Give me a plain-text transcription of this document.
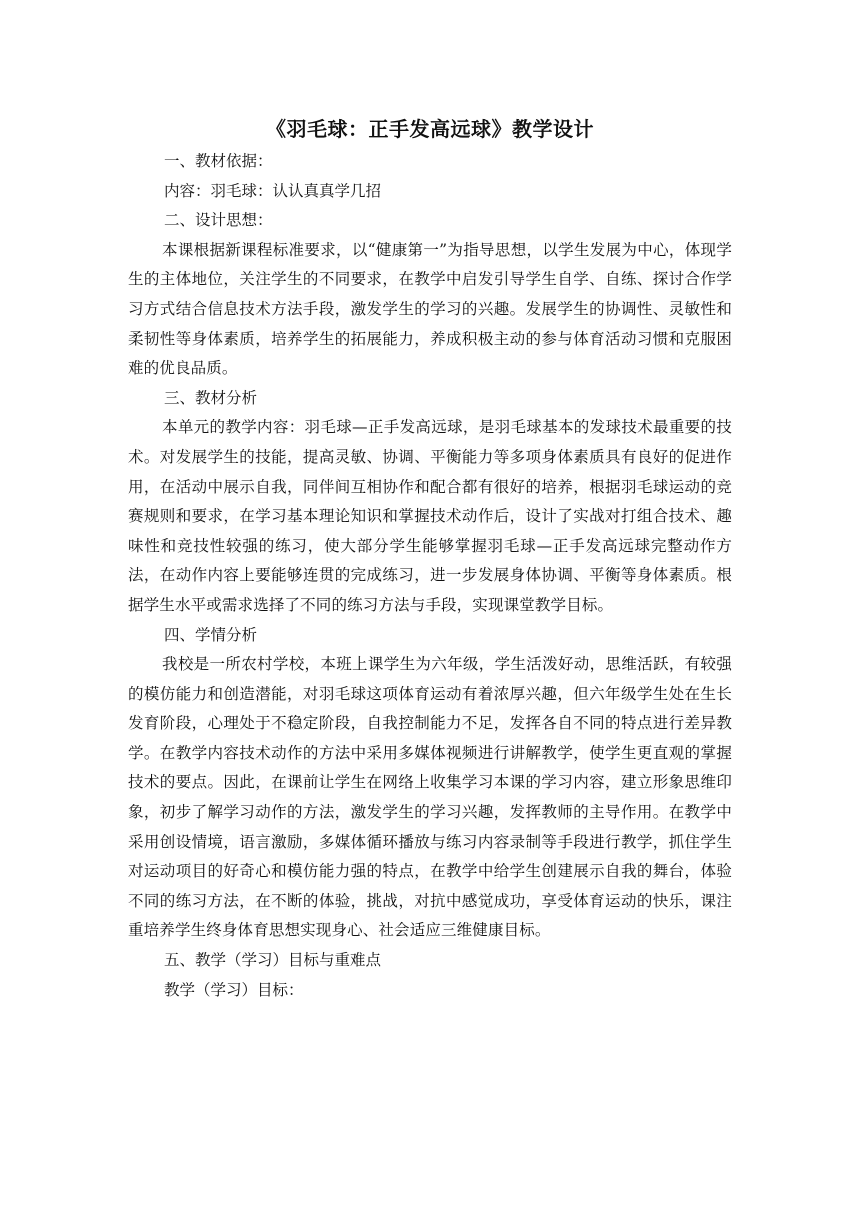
《羽毛球：正手发高远球》教学设计

一、教材依据：

内容：羽毛球：认认真真学几招

二、设计思想：

本课根据新课程标准要求，以“健康第一”为指导思想，以学生发展为中心，体现学生的主体地位，关注学生的不同要求，在教学中启发引导学生自学、自练、探讨合作学习方式结合信息技术方法手段，激发学生的学习的兴趣。发展学生的协调性、灵敏性和柔韧性等身体素质，培养学生的拓展能力，养成积极主动的参与体育活动习惯和克服困难的优良品质。

三、教材分析

本单元的教学内容：羽毛球—正手发高远球，是羽毛球基本的发球技术最重要的技术。对发展学生的技能，提高灵敏、协调、平衡能力等多项身体素质具有良好的促进作用，在活动中展示自我，同伴间互相协作和配合都有很好的培养，根据羽毛球运动的竞赛规则和要求，在学习基本理论知识和掌握技术动作后，设计了实战对打组合技术、趣味性和竞技性较强的练习，使大部分学生能够掌握羽毛球—正手发高远球完整动作方法，在动作内容上要能够连贯的完成练习，进一步发展身体协调、平衡等身体素质。根据学生水平或需求选择了不同的练习方法与手段，实现课堂教学目标。

四、学情分析

我校是一所农村学校，本班上课学生为六年级，学生活泼好动，思维活跃，有较强的模仿能力和创造潜能，对羽毛球这项体育运动有着浓厚兴趣，但六年级学生处在生长发育阶段，心理处于不稳定阶段，自我控制能力不足，发挥各自不同的特点进行差异教学。在教学内容技术动作的方法中采用多媒体视频进行讲解教学，使学生更直观的掌握技术的要点。因此，在课前让学生在网络上收集学习本课的学习内容，建立形象思维印象，初步了解学习动作的方法，激发学生的学习兴趣，发挥教师的主导作用。在教学中采用创设情境，语言激励，多媒体循环播放与练习内容录制等手段进行教学，抓住学生对运动项目的好奇心和模仿能力强的特点，在教学中给学生创建展示自我的舞台，体验不同的练习方法，在不断的体验，挑战，对抗中感觉成功，享受体育运动的快乐，课注重培养学生终身体育思想实现身心、社会适应三维健康目标。

五、教学（学习）目标与重难点

教学（学习）目标：
